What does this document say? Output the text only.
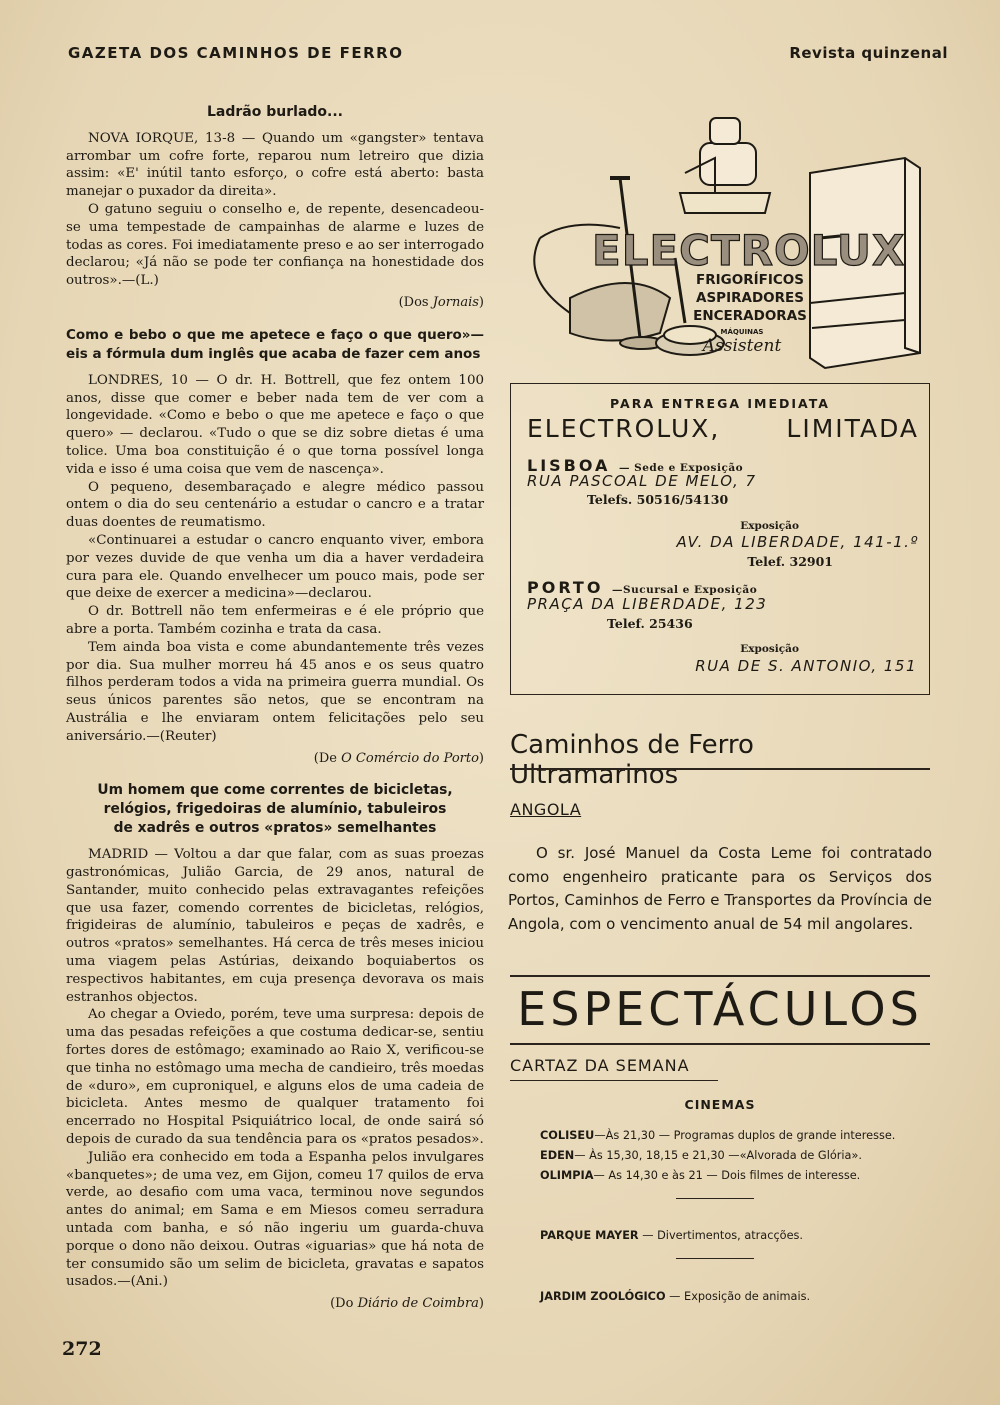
GAZETA DOS CAMINHOS DE FERRO	Revista quinzenal
Ladrão burlado...

NOVA IORQUE, 13-8 — Quando um «gangster» tentava arrombar um cofre forte, reparou num letreiro que dizia assim: «E' inútil tanto esforço, o cofre está aberto: basta manejar o puxador da direita».

O gatuno seguiu o conselho e, de repente, desencadeou-se uma tempestade de campainhas de alarme e luzes de todas as cores. Foi imediatamente preso e ao ser interrogado declarou; «Já não se pode ter confiança na honestidade dos outros».—(L.)

(Dos Jornais)
Como e bebo o que me apetece e faço o que quero»— eis a fórmula dum inglês que acaba de fazer cem anos

LONDRES, 10 — O dr. H. Bottrell, que fez ontem 100 anos, disse que comer e beber nada tem de ver com a longevidade. «Como e bebo o que me apetece e faço o que quero» — declarou. «Tudo o que se diz sobre dietas é uma tolice. Uma boa constituição é o que torna possível longa vida e isso é uma coisa que vem de nascença».

O pequeno, desembaraçado e alegre médico passou ontem o dia do seu centenário a estudar o cancro e a tratar duas doentes de reumatismo.

«Continuarei a estudar o cancro enquanto viver, embora por vezes duvide de que venha um dia a haver verdadeira cura para ele. Quando envelhecer um pouco mais, pode ser que deixe de exercer a medicina»—declarou.

O dr. Bottrell não tem enfermeiras e é ele próprio que abre a porta. Também cozinha e trata da casa.

Tem ainda boa vista e come abundantemente três vezes por dia. Sua mulher morreu há 45 anos e os seus quatro filhos perderam todos a vida na primeira guerra mundial. Os seus únicos parentes são netos, que se encontram na Austrália e lhe enviaram ontem felicitações pelo seu aniversário.—(Reuter)

(De O Comércio do Porto)
Um homem que come correntes de bicicletas,
relógios, frigedoiras de alumínio, tabuleiros
de xadrês e outros «pratos» semelhantes

MADRID — Voltou a dar que falar, com as suas proezas gastronómicas, Julião Garcia, de 29 anos, natural de Santander, muito conhecido pelas extravagantes refeições que usa fazer, comendo correntes de bicicletas, relógios, frigideiras de alumínio, tabuleiros e peças de xadrês, e outros «pratos» semelhantes. Há cerca de três meses iniciou uma viagem pelas Astúrias, deixando boquiabertos os respectivos habitantes, em cuja presença devorava os mais estranhos objectos.

Ao chegar a Oviedo, porém, teve uma surpresa: depois de uma das pesadas refeições a que costuma dedicar-se, sentiu fortes dores de estômago; examinado ao Raio X, verificou-se que tinha no estômago uma mecha de candieiro, três moedas de «duro», em cuproniquel, e alguns elos de uma cadeia de bicicleta. Antes mesmo de qualquer tratamento foi encerrado no Hospital Psiquiátrico local, de onde sairá só depois de curado da sua tendência para os «pratos pesados».

Julião era conhecido em toda a Espanha pelos invulgares «banquetes»; de uma vez, em Gijon, comeu 17 quilos de erva verde, ao desafio com uma vaca, terminou nove segundos antes do animal; em Sama e em Miesos comeu serradura untada com banha, e só não ingeriu um guarda-chuva porque o dono não deixou. Outras «iguarias» que há nota de ter consumido são um selim de bicicleta, gravatas e sapatos usados.—(Ani.)

(Do Diário de Coimbra)
272
ELECTROLUX
FRIGORÍFICOS
ASPIRADORES
ENCERADORAS
MÁQUINAS
Assistent
PARA ENTREGA IMEDIATA
ELECTROLUX,	LIMITADA
LISBOA — Sede e Exposição
RUA PASCOAL DE MELO, 7
Telefs. 50516/54130
Exposição
AV. DA LIBERDADE, 141-1.º
Telef. 32901
PORTO —Sucursal e Exposição
PRAÇA DA LIBERDADE, 123
Telef. 25436
Exposição
RUA DE S. ANTONIO, 151
Caminhos de Ferro Ultramarinos
ANGOLA

O sr. José Manuel da Costa Leme foi contratado como engenheiro praticante para os Serviços dos Portos, Caminhos de Ferro e Transportes da Província de Angola, com o vencimento anual de 54 mil angolares.

ESPECTÁCULOS
CARTAZ DA SEMANA
CINEMAS
COLISEU—Às 21,30 — Programas duplos de grande interesse.
EDEN— Às 15,30, 18,15 e 21,30 —«Alvorada de Glória».
OLIMPIA— As 14,30 e às 21 — Dois filmes de interesse.
PARQUE MAYER — Divertimentos, atracções.
JARDIM ZOOLÓGICO — Exposição de animais.
